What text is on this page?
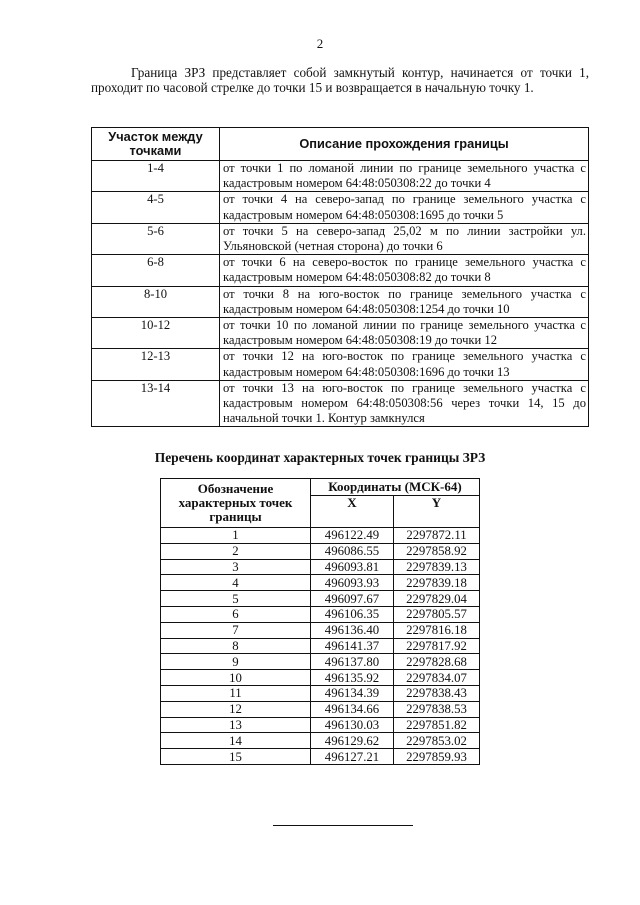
2

Граница ЗРЗ представляет собой замкнутый контур, начинается от точки 1, проходит по часовой стрелке до точки 15 и возвращается в начальную точку 1.

Участок между точками	Описание прохождения границы
1-4	от точки 1 по ломаной линии по границе земельного участка с кадастровым номером 64:48:050308:22 до точки 4
4-5	от точки 4 на северо-запад по границе земельного участка с кадастровым номером 64:48:050308:1695 до точки 5
5-6	от точки 5 на северо-запад 25,02 м по линии застройки ул. Ульяновской (четная сторона) до точки 6
6-8	от точки 6 на северо-восток по границе земельного участка с кадастровым номером 64:48:050308:82 до точки 8
8-10	от точки 8 на юго-восток по границе земельного участка с кадастровым номером 64:48:050308:1254 до точки 10
10-12	от точки 10 по ломаной линии по границе земельного участка с кадастровым номером 64:48:050308:19 до точки 12
12-13	от точки 12 на юго-восток по границе земельного участка с кадастровым номером 64:48:050308:1696 до точки 13
13-14	от точки 13 на юго-восток по границе земельного участка с кадастровым номером 64:48:050308:56 через точки 14, 15 до начальной точки 1. Контур замкнулся
Перечень координат характерных точек границы ЗРЗ
Обозначение характерных точек границы	Координаты (МСК-64)	
	X	Y
1	496122.49	2297872.11
2	496086.55	2297858.92
3	496093.81	2297839.13
4	496093.93	2297839.18
5	496097.67	2297829.04
6	496106.35	2297805.57
7	496136.40	2297816.18
8	496141.37	2297817.92
9	496137.80	2297828.68
10	496135.92	2297834.07
11	496134.39	2297838.43
12	496134.66	2297838.53
13	496130.03	2297851.82
14	496129.62	2297853.02
15	496127.21	2297859.93
